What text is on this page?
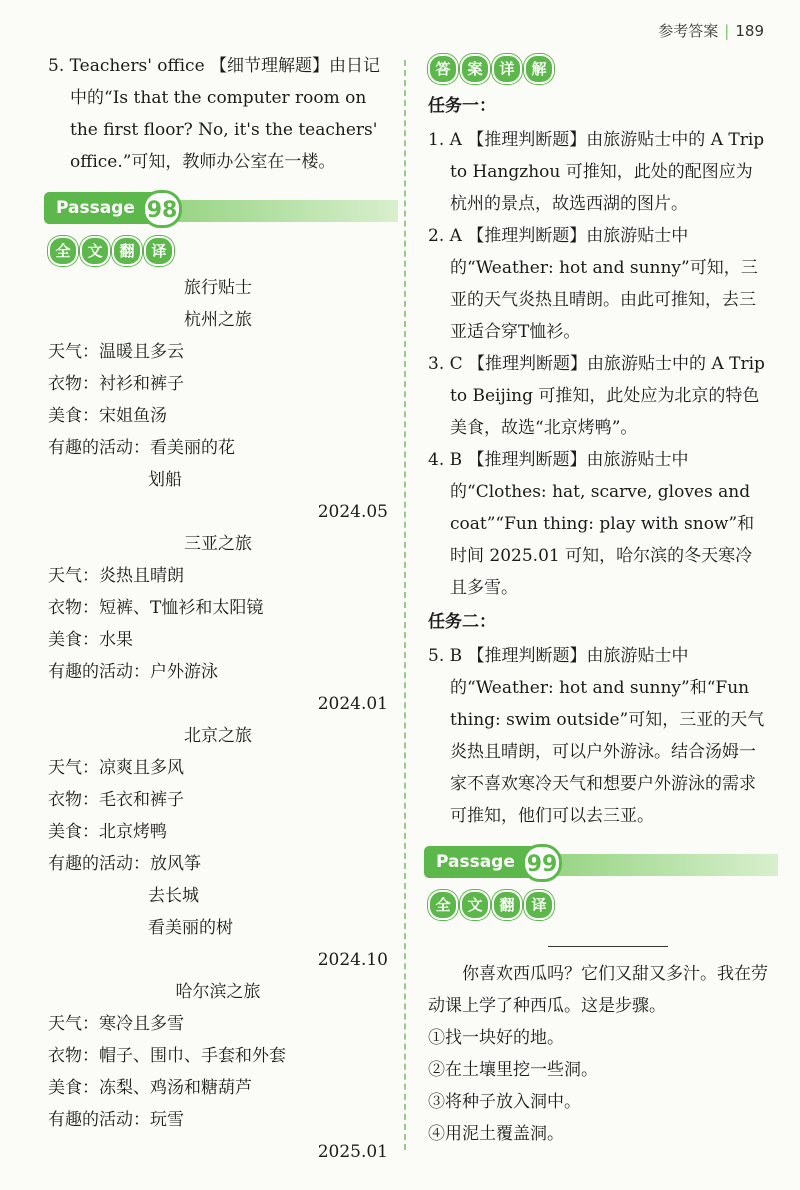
参考答案 | 189

5. Teachers' office 【细节理解题】由日记中的“Is that the computer room on the first floor? No, it's the teachers' office.”可知，教师办公室在一楼。

Passage 98
全	文	翻	译

旅行贴士

杭州之旅

天气：温暖且多云

衣物：衬衫和裤子

美食：宋姐鱼汤

有趣的活动：看美丽的花

划船

2024.05

三亚之旅

天气：炎热且晴朗

衣物：短裤、T恤衫和太阳镜

美食：水果

有趣的活动：户外游泳

2024.01

北京之旅

天气：凉爽且多风

衣物：毛衣和裤子

美食：北京烤鸭

有趣的活动：放风筝

去长城

看美丽的树

2024.10

哈尔滨之旅

天气：寒冷且多雪

衣物：帽子、围巾、手套和外套

美食：冻梨、鸡汤和糖葫芦

有趣的活动：玩雪

2025.01

答	案	详	解

任务一：

1. A 【推理判断题】由旅游贴士中的 A Trip to Hangzhou 可推知，此处的配图应为杭州的景点，故选西湖的图片。

2. A 【推理判断题】由旅游贴士中的“Weather: hot and sunny”可知，三亚的天气炎热且晴朗。由此可推知，去三亚适合穿T恤衫。

3. C 【推理判断题】由旅游贴士中的 A Trip to Beijing 可推知，此处应为北京的特色美食，故选“北京烤鸭”。

4. B 【推理判断题】由旅游贴士中的“Clothes: hat, scarve, gloves and coat”“Fun thing: play with snow”和时间 2025.01 可知，哈尔滨的冬天寒冷且多雪。

任务二：

5. B 【推理判断题】由旅游贴士中的“Weather: hot and sunny”和“Fun thing: swim outside”可知，三亚的天气炎热且晴朗，可以户外游泳。结合汤姆一家不喜欢寒冷天气和想要户外游泳的需求可推知，他们可以去三亚。

Passage 99
全	文	翻	译

你喜欢西瓜吗？它们又甜又多汁。我在劳动课上学了种西瓜。这是步骤。

①找一块好的地。

②在土壤里挖一些洞。

③将种子放入洞中。

④用泥土覆盖洞。
